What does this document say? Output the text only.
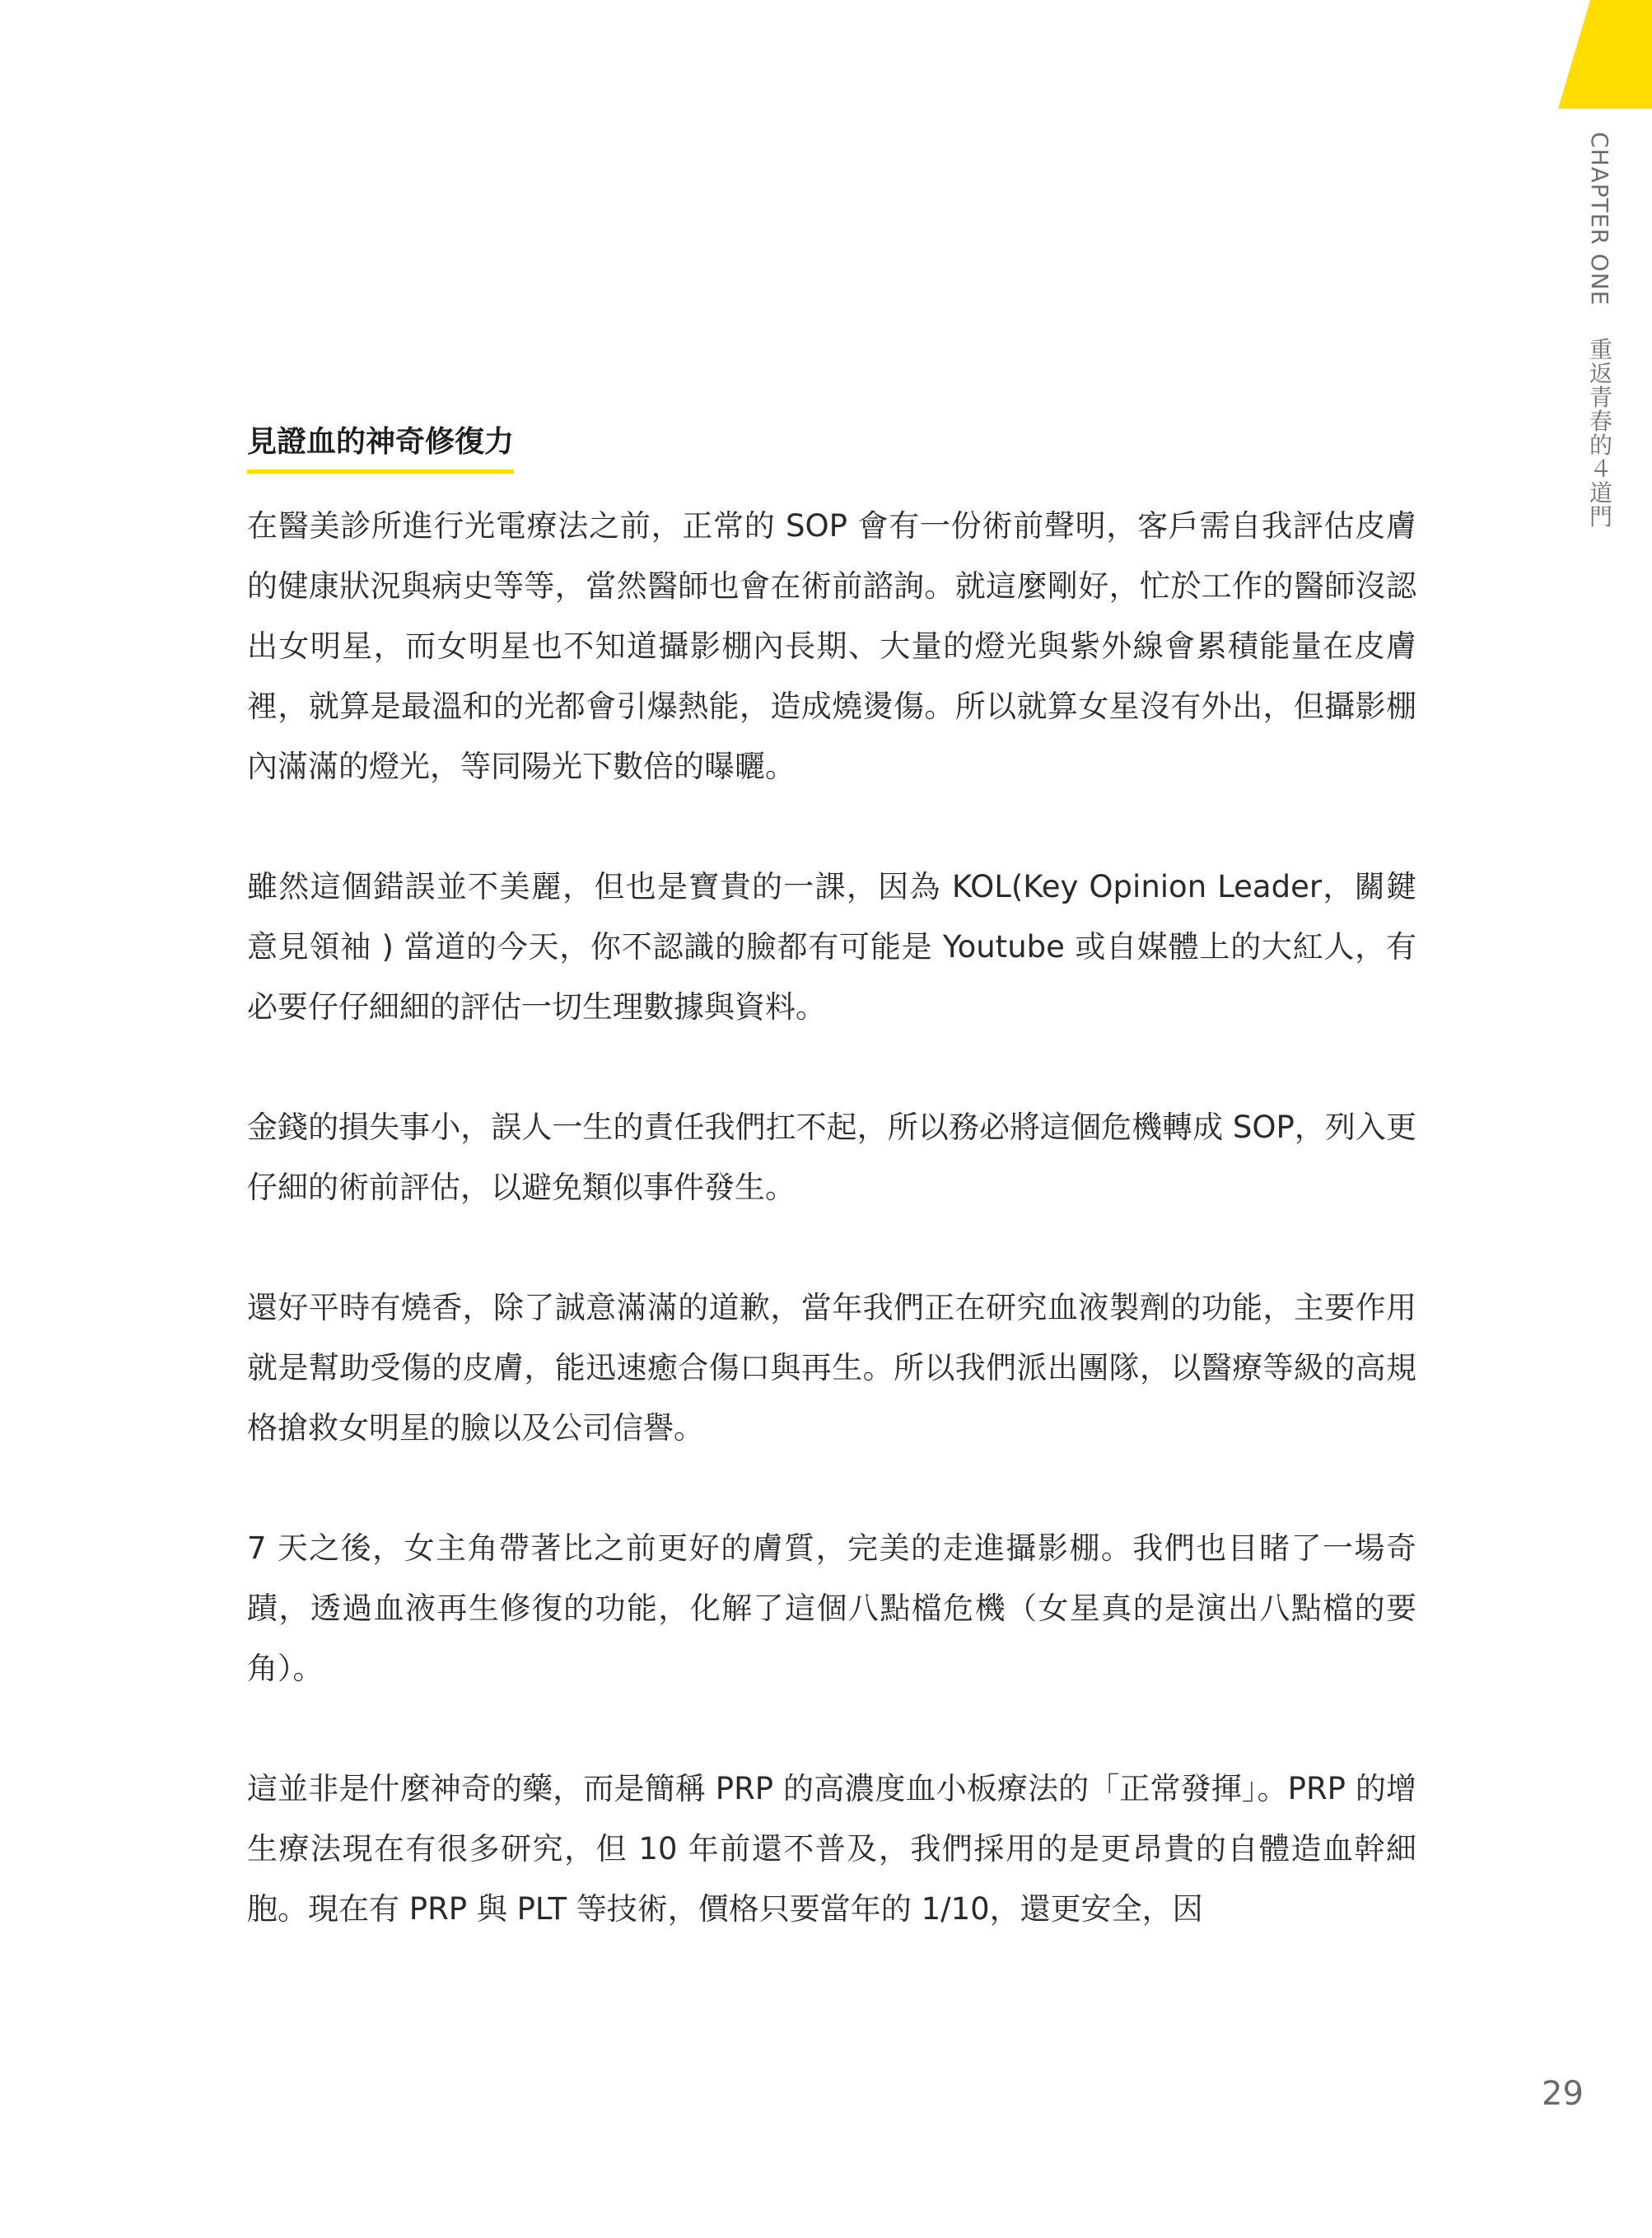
CHAPTER ONE 重返青春的４道門
見證血的神奇修復力

在醫美診所進行光電療法之前，正常的 SOP 會有一份術前聲明，客戶需自我評估皮膚的健康狀況與病史等等，當然醫師也會在術前諮詢。就這麼剛好，忙於工作的醫師沒認出女明星，而女明星也不知道攝影棚內長期、大量的燈光與紫外線會累積能量在皮膚裡，就算是最溫和的光都會引爆熱能，造成燒燙傷。所以就算女星沒有外出，但攝影棚內滿滿的燈光，等同陽光下數倍的曝曬。

雖然這個錯誤並不美麗，但也是寶貴的一課，因為 KOL(Key Opinion Leader，關鍵意見領袖 ) 當道的今天，你不認識的臉都有可能是 Youtube 或自媒體上的大紅人，有必要仔仔細細的評估一切生理數據與資料。

金錢的損失事小，誤人一生的責任我們扛不起，所以務必將這個危機轉成 SOP，列入更仔細的術前評估，以避免類似事件發生。

還好平時有燒香，除了誠意滿滿的道歉，當年我們正在研究血液製劑的功能，主要作用就是幫助受傷的皮膚，能迅速癒合傷口與再生。所以我們派出團隊，以醫療等級的高規格搶救女明星的臉以及公司信譽。

7 天之後，女主角帶著比之前更好的膚質，完美的走進攝影棚。我們也目睹了一場奇蹟，透過血液再生修復的功能，化解了這個八點檔危機（女星真的是演出八點檔的要角）。

這並非是什麼神奇的藥，而是簡稱 PRP 的高濃度血小板療法的「正常發揮」。PRP 的增生療法現在有很多研究，但 10 年前還不普及，我們採用的是更昂貴的自體造血幹細胞。現在有 PRP 與 PLT 等技術，價格只要當年的 1/10，還更安全，因

29
